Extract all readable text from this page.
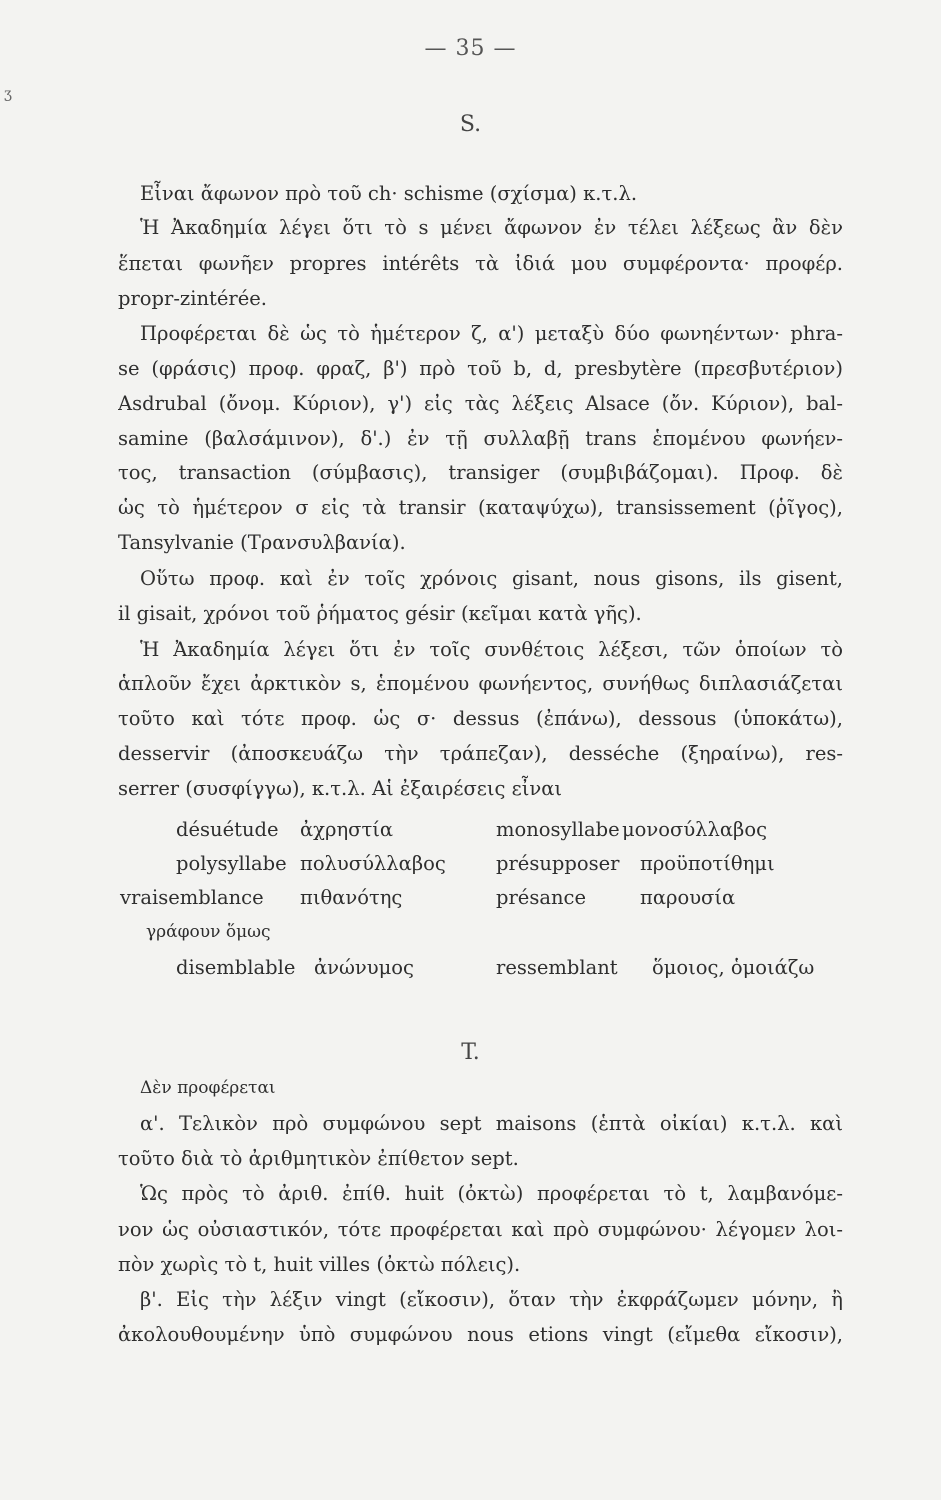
— 35 —
S.
ʒ
Εἶναι ἄφωνον πρὸ τοῦ ch· schisme (σχίσμα) κ.τ.λ.
Ἡ Ἀκαδημία λέγει ὅτι τὸ s μένει ἄφωνον ἐν τέλει λέξεως ἂν δὲν
ἕπεται φωνῆεν propres intérêts τὰ ἰδιά μου συμφέροντα· προφέρ.
propr-zintérée.
Προφέρεται δὲ ὡς τὸ ἡμέτερον ζ, α') μεταξὺ δύο φωνηέντων· phra-
se (φράσις) προφ. φραζ, β') πρὸ τοῦ b, d, presbytère (πρεσβυτέριον)
Asdrubal (ὄνομ. Κύριον), γ') εἰς τὰς λέξεις Alsace (ὄν. Κύριον), bal-
samine (βαλσάμινον), δ'.) ἐν τῇ συλλαβῇ trans ἑπομένου φωνήεν-
τος, transaction (σύμβασις), transiger (συμβιβάζομαι). Προφ. δὲ
ὡς τὸ ἡμέτερον σ εἰς τὰ transir (καταψύχω), transissement (ῥῖγος),
Tansylvanie (Τρανσυλβανία).
Οὕτω προφ. καὶ ἐν τοῖς χρόνοις gisant, nous gisons, ils gisent,
il gisait, χρόνοι τοῦ ῥήματος gésir (κεῖμαι κατὰ γῆς).
Ἡ Ἀκαδημία λέγει ὅτι ἐν τοῖς συνθέτοις λέξεσι, τῶν ὁποίων τὸ
ἁπλοῦν ἔχει ἀρκτικὸν s, ἑπομένου φωνήεντος, συνήθως διπλασιάζεται
τοῦτο καὶ τότε προφ. ὡς σ· dessus (ἐπάνω), dessous (ὑποκάτω),
desservir (ἀποσκευάζω τὴν τράπεζαν), desséche (ξηραίνω), res-
serrer (συσφίγγω), κ.τ.λ. Αἱ ἐξαιρέσεις εἶναι
désuétude ἀχρηστία	monosyllabe μονοσύλλαβος
polysyllabe πολυσύλλαβος	présupposer προϋποτίθημι
vraisemblance πιθανότης	présance	παρουσία
γράφουν ὅμως
disemblable ἀνώνυμος	ressemblant ὅμοιος, ὁμοιάζω
T.
Δὲν προφέρεται
α'. Τελικὸν πρὸ συμφώνου sept maisons (ἑπτὰ οἰκίαι) κ.τ.λ. καὶ
τοῦτο διὰ τὸ ἀριθμητικὸν ἐπίθετον sept.
Ὡς πρὸς τὸ ἀριθ. ἐπίθ. huit (ὀκτὼ) προφέρεται τὸ t, λαμβανόμε-
νον ὡς οὐσιαστικόν, τότε προφέρεται καὶ πρὸ συμφώνου· λέγομεν λοι-
πὸν χωρὶς τὸ t, huit villes (ὀκτὼ πόλεις).
β'. Εἰς τὴν λέξιν vingt (εἴκοσιν), ὅταν τὴν ἐκφράζωμεν μόνην, ἢ
ἀκολουθουμένην ὑπὸ συμφώνου nous etions vingt (εἴμεθα εἴκοσιν),
